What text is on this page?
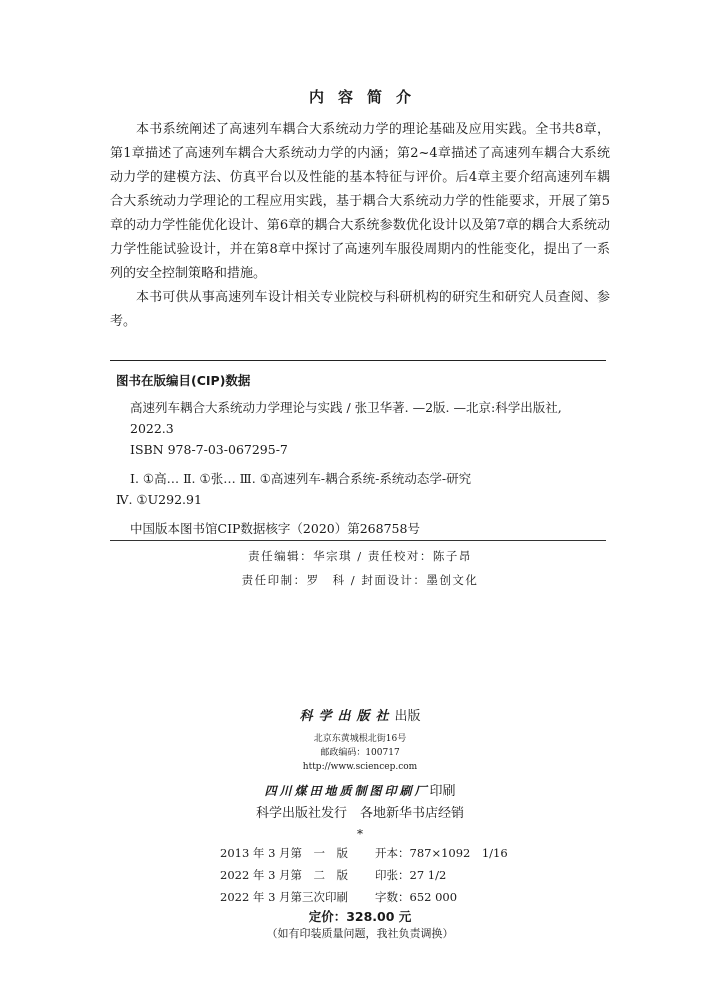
内容简介

本书系统阐述了高速列车耦合大系统动力学的理论基础及应用实践。全书共8章，第1章描述了高速列车耦合大系统动力学的内涵；第2~4章描述了高速列车耦合大系统动力学的建模方法、仿真平台以及性能的基本特征与评价。后4章主要介绍高速列车耦合大系统动力学理论的工程应用实践，基于耦合大系统动力学的性能要求，开展了第5章的动力学性能优化设计、第6章的耦合大系统参数优化设计以及第7章的耦合大系统动力学性能试验设计，并在第8章中探讨了高速列车服役周期内的性能变化，提出了一系列的安全控制策略和措施。

本书可供从事高速列车设计相关专业院校与科研机构的研究生和研究人员查阅、参考。

图书在版编目(CIP)数据
高速列车耦合大系统动力学理论与实践 / 张卫华著. —2版. —北京:科学出版社, 2022.3
ISBN 978-7-03-067295-7
Ⅰ. ①高… Ⅱ. ①张… Ⅲ. ①高速列车-耦合系统-系统动态学-研究
Ⅳ. ①U292.91
中国版本图书馆CIP数据核字（2020）第268758号
责任编辑：华宗琪 / 责任校对：陈子昂
责任印制：罗　科 / 封面设计：墨创文化
科学出版社出版
北京东黄城根北街16号
邮政编码：100717
http://www.sciencep.com
四川煤田地质制图印刷厂印刷
科学出版社发行　各地新华书店经销
*
2013 年 3 月第　一　版	开本：787×1092　1/16
2022 年 3 月第　二　版	印张：27 1/2
2022 年 3 月第三次印刷	字数：652 000
定价：328.00 元
（如有印装质量问题，我社负责调换）
